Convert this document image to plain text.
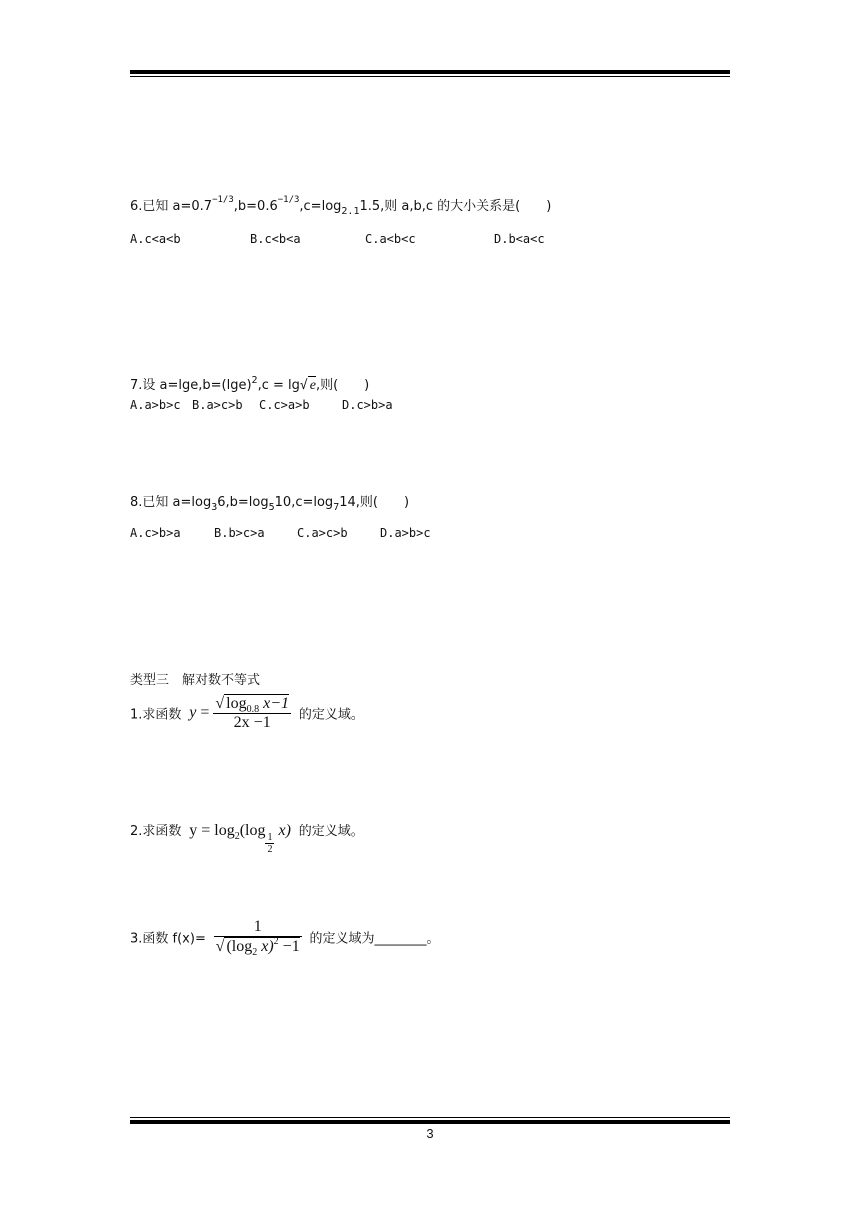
6.已知 $a=0.7-1/3,b=0.6-1/3,c=\log_{2.1}1.5$,则 a,b,c 的大小关系是(　　)
A.c<a<b	B.c<b<a	C.a<b<c	D.b<a<c
7.设 $a=\lg e,b=(\lg e)^2,c = \lg√$ e,则(　　)
A.a>b>c B.a>c>b C.c>a>b	D.c>b>a
8.已知 $a=\log_36,b=\log_510,c=\log_714$,则(　　)
A.c>b>a	B.b>c>a	C.a>c>b	D.a>b>c
类型三　解对数不等式
1.求函数 $y = \frac{√ \log_{0.8} x-1}{2x -1}$ 的定义域。
2.求函数 $y = \log_2(\log$
$\frac{1}{2}$
x) 的定义域。
3.函数 $f(x)= \frac{1}{√ (\log_2 x)^2 -1}$ 的定义域为________。
3
